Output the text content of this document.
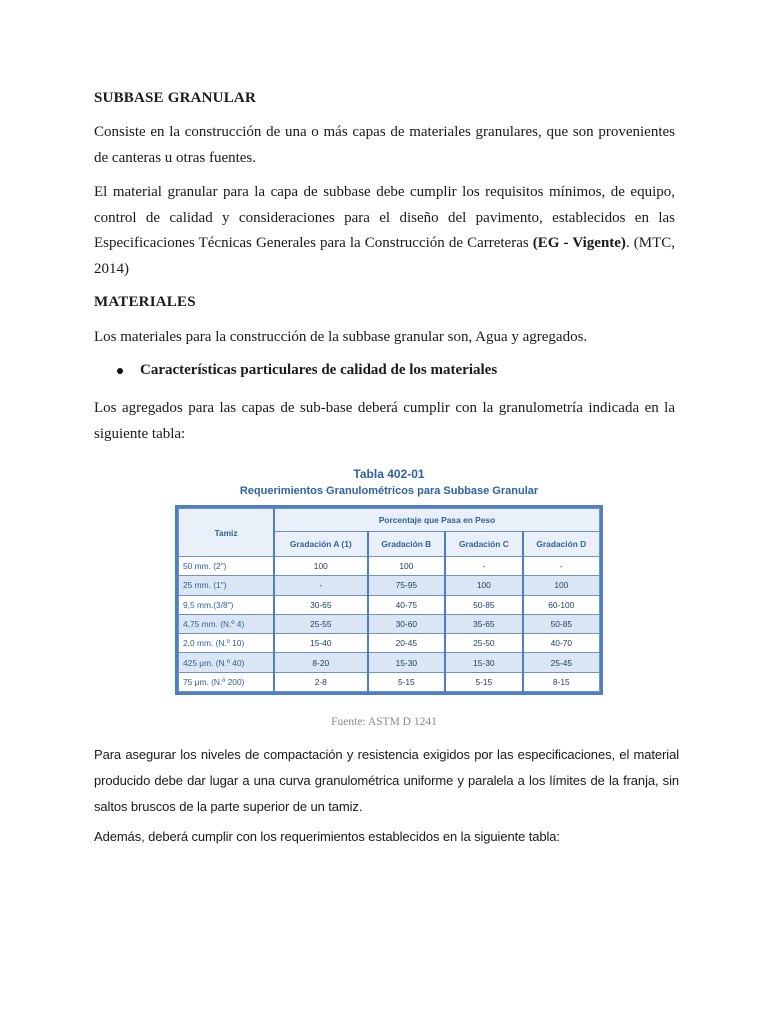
SUBBASE GRANULAR

Consiste en la construcción de una o más capas de materiales granulares, que son provenientes de canteras u otras fuentes.

El material granular para la capa de subbase debe cumplir los requisitos mínimos, de equipo, control de calidad y consideraciones para el diseño del pavimento, establecidos en las Especificaciones Técnicas Generales para la Construcción de Carreteras (EG - Vigente). (MTC, 2014)

MATERIALES

Los materiales para la construcción de la subbase granular son, Agua y agregados.

Características particulares de calidad de los materiales

Los agregados para las capas de sub-base deberá cumplir con la granulometría indicada en la siguiente tabla:

Tabla 402-01
Requerimientos Granulométricos para Subbase Granular
Tamiz	Porcentaje que Pasa en Peso			
	Gradación A (1)	Gradación B	Gradación C	Gradación D
50 mm. (2")	100	100	-	-
25 mm. (1")	-	75-95	100	100
9,5 mm.(3/8")	30-65	40-75	50-85	60-100
4,75 mm. (N.º 4)	25-55	30-60	35-65	50-85
2,0 mm. (N.º 10)	15-40	20-45	25-50	40-70
425 μm. (N.º 40)	8-20	15-30	15-30	25-45
75 μm. (N.º 200)	2-8	5-15	5-15	8-15
Fuente: ASTM D 1241

Para asegurar los niveles de compactación y resistencia exigidos por las especificaciones, el material producido debe dar lugar a una curva granulométrica uniforme y paralela a los límites de la franja, sin saltos bruscos de la parte superior de un tamiz.

Además, deberá cumplir con los requerimientos establecidos en la siguiente tabla:
